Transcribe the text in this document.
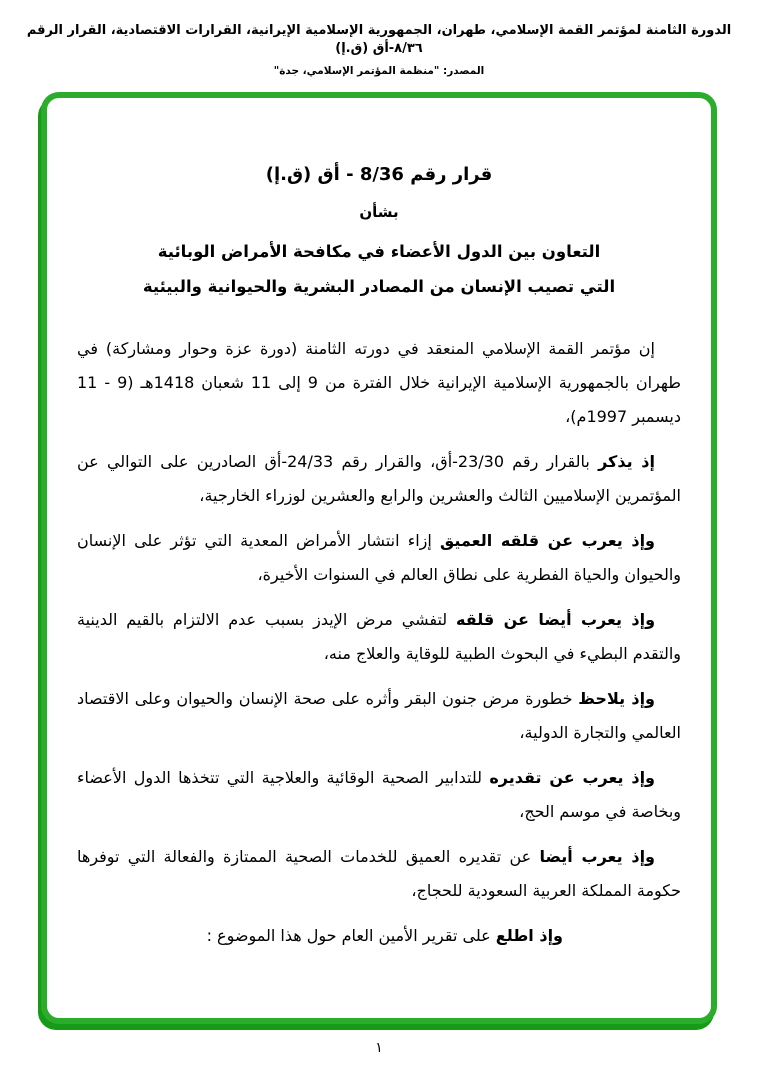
الدورة الثامنة لمؤتمر القمة الإسلامي، طهران، الجمهورية الإسلامية الإيرانية، القرارات الاقتصادية، القرار الرقم ٨/٣٦-أق (ق.إ)
المصدر: "منظمة المؤتمر الإسلامي، جدة"
قرار رقم 8/36 - أق (ق.إ)
بشأن
التعاون بين الدول الأعضاء في مكافحة الأمراض الوبائية
التي تصيب الإنسان من المصادر البشرية والحيوانية والبيئية

إن مؤتمر القمة الإسلامي المنعقد في دورته الثامنة (دورة عزة وحوار ومشاركة) في طهران بالجمهورية الإسلامية الإيرانية خلال الفترة من 9 إلى 11 شعبان 1418هـ (9 - 11 ديسمبر 1997م)،

إذ يذكر بالقرار رقم 23/30-أق، والقرار رقم 24/33-أق الصادرين على التوالي عن المؤتمرين الإسلاميين الثالث والعشرين والرابع والعشرين لوزراء الخارجية،

وإذ يعرب عن قلقه العميق إزاء انتشار الأمراض المعدية التي تؤثر على الإنسان والحيوان والحياة الفطرية على نطاق العالم في السنوات الأخيرة،

وإذ يعرب أيضا عن قلقه لتفشي مرض الإيدز بسبب عدم الالتزام بالقيم الدينية والتقدم البطيء في البحوث الطبية للوقاية والعلاج منه،

وإذ يلاحظ خطورة مرض جنون البقر وأثره على صحة الإنسان والحيوان وعلى الاقتصاد العالمي والتجارة الدولية،

وإذ يعرب عن تقديره للتدابير الصحية الوقائية والعلاجية التي تتخذها الدول الأعضاء وبخاصة في موسم الحج،

وإذ يعرب أيضا عن تقديره العميق للخدمات الصحية الممتازة والفعالة التي توفرها حكومة المملكة العربية السعودية للحجاج،

وإذ اطلع على تقرير الأمين العام حول هذا الموضوع :

١
